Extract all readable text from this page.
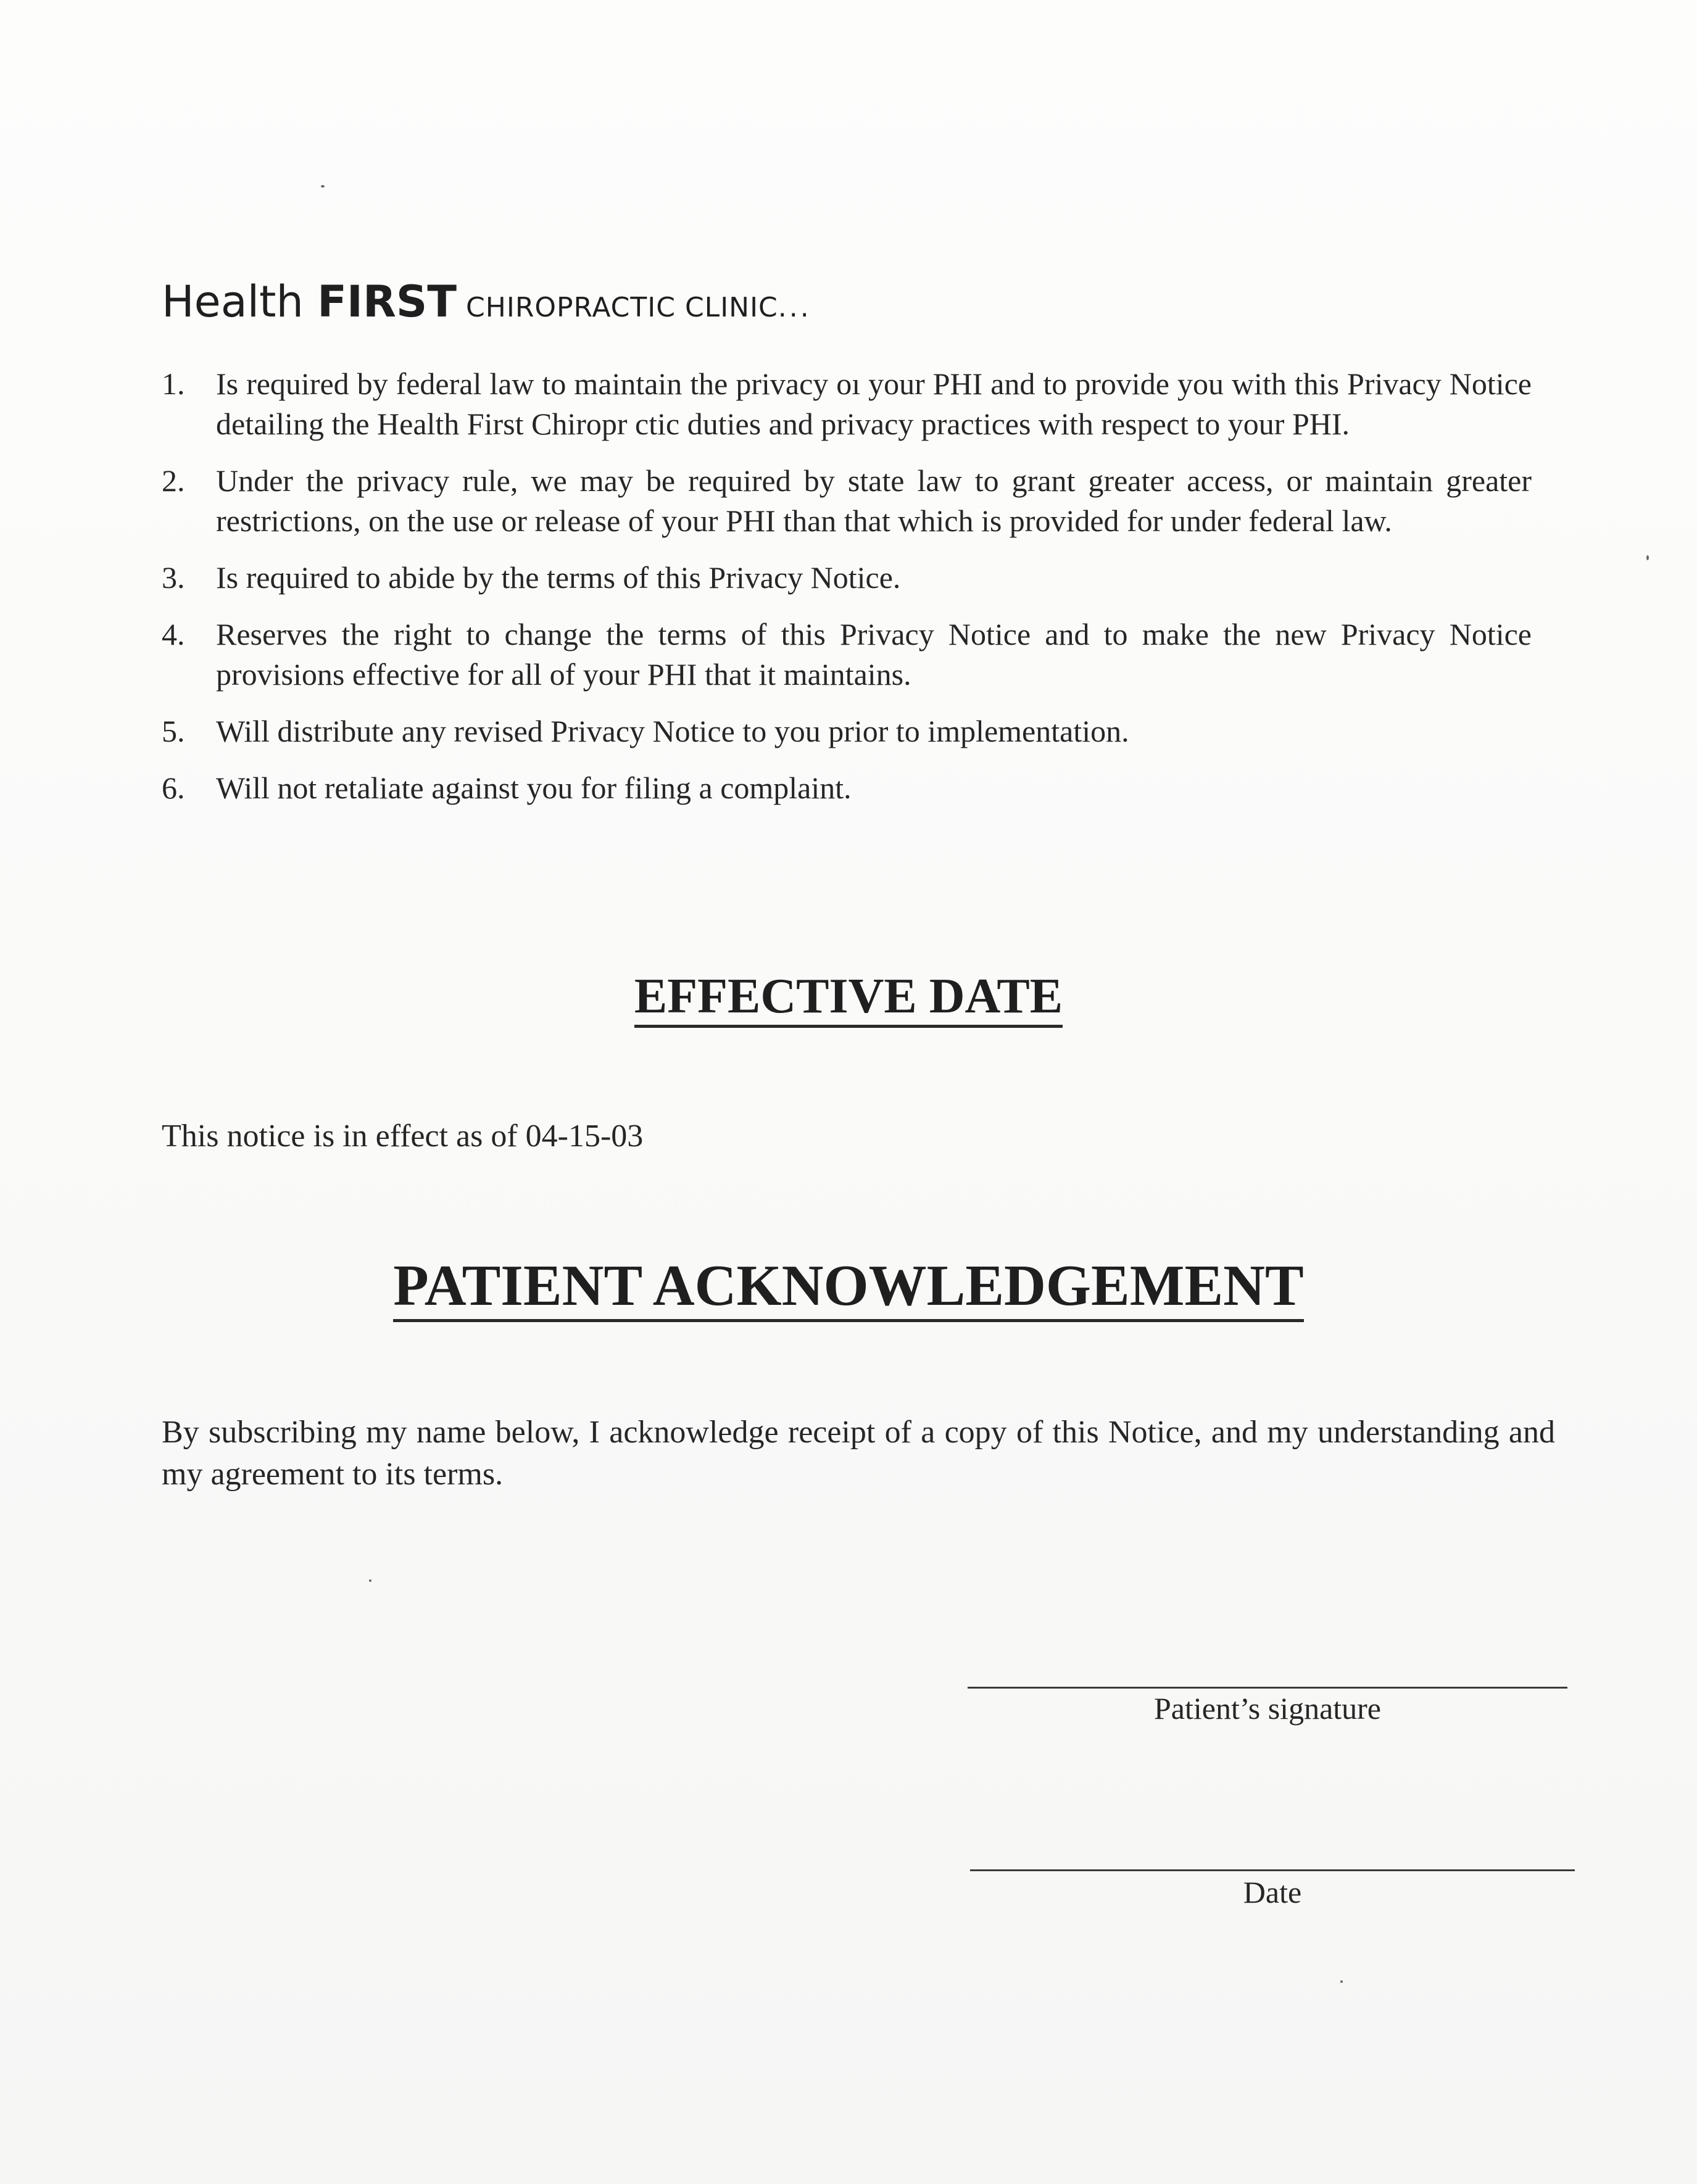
Health FIRST CHIROPRACTIC CLINIC...
1.	Is required by federal law to maintain the privacy oı your PHI and to provide you with this Privacy Notice detailing the Health First Chiropr ctic duties and privacy practices with respect to your PHI.
2.	Under the privacy rule, we may be required by state law to grant greater access, or maintain greater restrictions, on the use or release of your PHI than that which is provided for under federal law.
3.	Is required to abide by the terms of this Privacy Notice.
4.	Reserves the right to change the terms of this Privacy Notice and to make the new Privacy Notice provisions effective for all of your PHI that it maintains.
5.	Will distribute any revised Privacy Notice to you prior to implementation.
6.	Will not retaliate against you for filing a complaint.
EFFECTIVE DATE
This notice is in effect as of 04-15-03
PATIENT ACKNOWLEDGEMENT
By subscribing my name below, I acknowledge receipt of a copy of this Notice, and my understanding and my agreement to its terms.
Patient’s signature
Date
